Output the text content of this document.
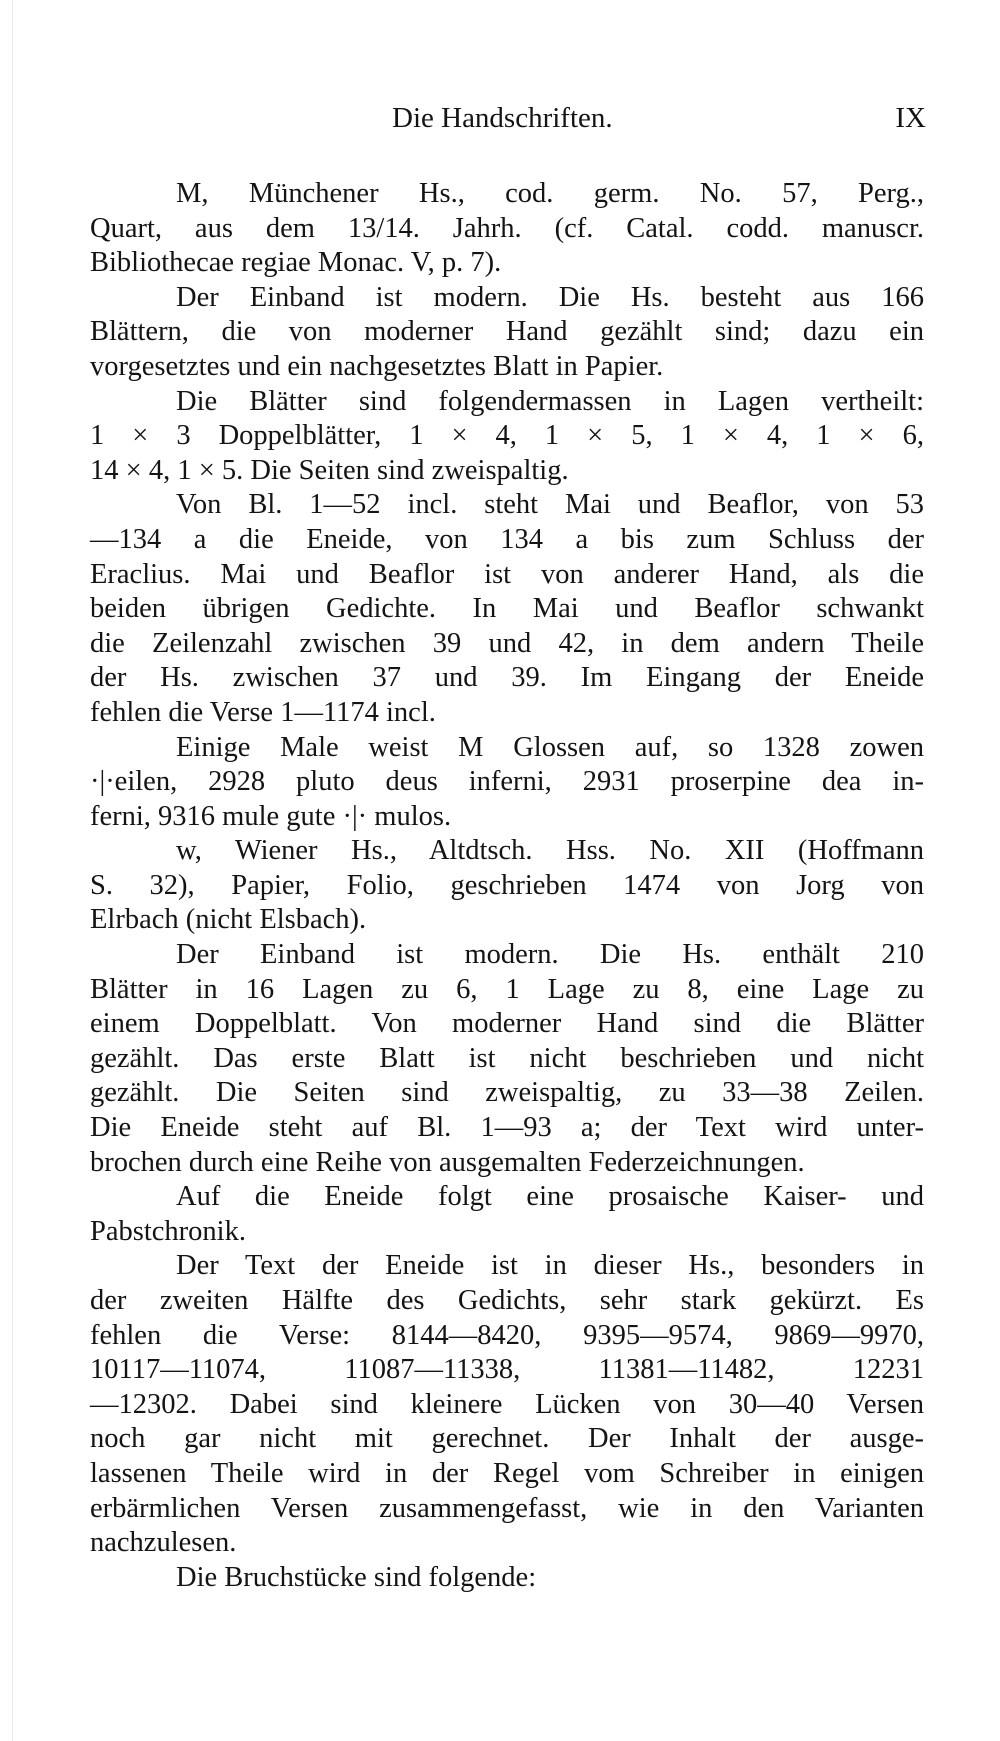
Die Handschriften.	IX
M, Münchener Hs., cod. germ. No. 57, Perg.,
Quart, aus dem 13/14. Jahrh. (cf. Catal. codd. manuscr.
Bibliothecae regiae Monac. V, p. 7).
Der Einband ist modern. Die Hs. besteht aus 166
Blättern, die von moderner Hand gezählt sind; dazu ein
vorgesetztes und ein nachgesetztes Blatt in Papier.
Die Blätter sind folgendermassen in Lagen vertheilt:
1 × 3 Doppelblätter, 1 × 4, 1 × 5, 1 × 4, 1 × 6,
14 × 4, 1 × 5. Die Seiten sind zweispaltig.
Von Bl. 1—52 incl. steht Mai und Beaflor, von 53
—134 a die Eneide, von 134 a bis zum Schluss der
Eraclius. Mai und Beaflor ist von anderer Hand, als die
beiden übrigen Gedichte. In Mai und Beaflor schwankt
die Zeilenzahl zwischen 39 und 42, in dem andern Theile
der Hs. zwischen 37 und 39. Im Eingang der Eneide
fehlen die Verse 1—1174 incl.
Einige Male weist M Glossen auf, so 1328 zowen
·|·eilen, 2928 pluto deus inferni, 2931 proserpine dea in-
ferni, 9316 mule gute ·|· mulos.
w, Wiener Hs., Altdtsch. Hss. No. XII (Hoffmann
S. 32), Papier, Folio, geschrieben 1474 von Jorg von
Elrbach (nicht Elsbach).
Der Einband ist modern. Die Hs. enthält 210
Blätter in 16 Lagen zu 6, 1 Lage zu 8, eine Lage zu
einem Doppelblatt. Von moderner Hand sind die Blätter
gezählt. Das erste Blatt ist nicht beschrieben und nicht
gezählt. Die Seiten sind zweispaltig, zu 33—38 Zeilen.
Die Eneide steht auf Bl. 1—93 a; der Text wird unter-
brochen durch eine Reihe von ausgemalten Federzeichnungen.
Auf die Eneide folgt eine prosaische Kaiser- und
Pabstchronik.
Der Text der Eneide ist in dieser Hs., besonders in
der zweiten Hälfte des Gedichts, sehr stark gekürzt. Es
fehlen die Verse: 8144—8420, 9395—9574, 9869—9970,
10117—11074, 11087—11338, 11381—11482, 12231
—12302. Dabei sind kleinere Lücken von 30—40 Versen
noch gar nicht mit gerechnet. Der Inhalt der ausge-
lassenen Theile wird in der Regel vom Schreiber in einigen
erbärmlichen Versen zusammengefasst, wie in den Varianten
nachzulesen.
Die Bruchstücke sind folgende:
